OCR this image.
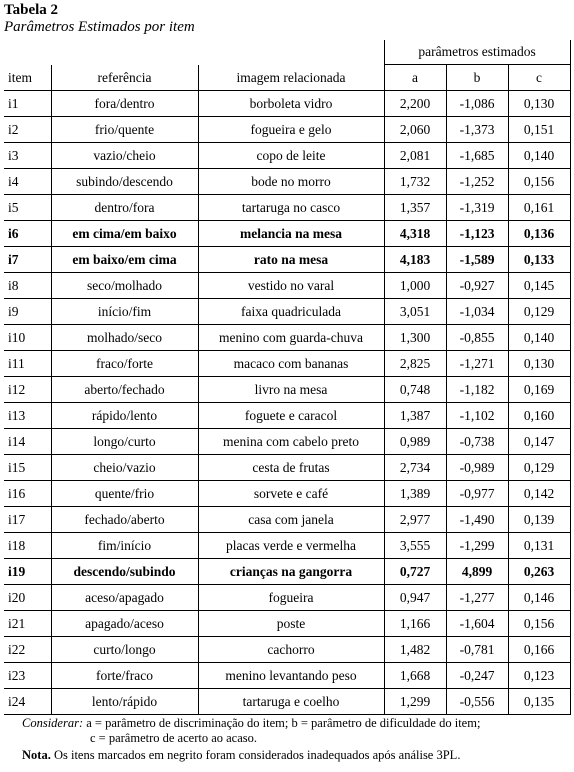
Tabela 2
Parâmetros Estimados por item
			parâmetros estimados		
item	referência	imagem relacionada	a	b	c
i1	fora/dentro	borboleta vidro	2,200	-1,086	0,130
i2	frio/quente	fogueira e gelo	2,060	-1,373	0,151
i3	vazio/cheio	copo de leite	2,081	-1,685	0,140
i4	subindo/descendo	bode no morro	1,732	-1,252	0,156
i5	dentro/fora	tartaruga no casco	1,357	-1,319	0,161
i6	em cima/em baixo	melancia na mesa	4,318	-1,123	0,136
i7	em baixo/em cima	rato na mesa	4,183	-1,589	0,133
i8	seco/molhado	vestido no varal	1,000	-0,927	0,145
i9	início/fim	faixa quadriculada	3,051	-1,034	0,129
i10	molhado/seco	menino com guarda-chuva	1,300	-0,855	0,140
i11	fraco/forte	macaco com bananas	2,825	-1,271	0,130
i12	aberto/fechado	livro na mesa	0,748	-1,182	0,169
i13	rápido/lento	foguete e caracol	1,387	-1,102	0,160
i14	longo/curto	menina com cabelo preto	0,989	-0,738	0,147
i15	cheio/vazio	cesta de frutas	2,734	-0,989	0,129
i16	quente/frio	sorvete e café	1,389	-0,977	0,142
i17	fechado/aberto	casa com janela	2,977	-1,490	0,139
i18	fim/início	placas verde e vermelha	3,555	-1,299	0,131
i19	descendo/subindo	crianças na gangorra	0,727	4,899	0,263
i20	aceso/apagado	fogueira	0,947	-1,277	0,146
i21	apagado/aceso	poste	1,166	-1,604	0,156
i22	curto/longo	cachorro	1,482	-0,781	0,166
i23	forte/fraco	menino levantando peso	1,668	-0,247	0,123
i24	lento/rápido	tartaruga e coelho	1,299	-0,556	0,135
Considerar: a = parâmetro de discriminação do item; b = parâmetro de dificuldade do item;
c = parâmetro de acerto ao acaso.
Nota. Os itens marcados em negrito foram considerados inadequados após análise 3PL.
